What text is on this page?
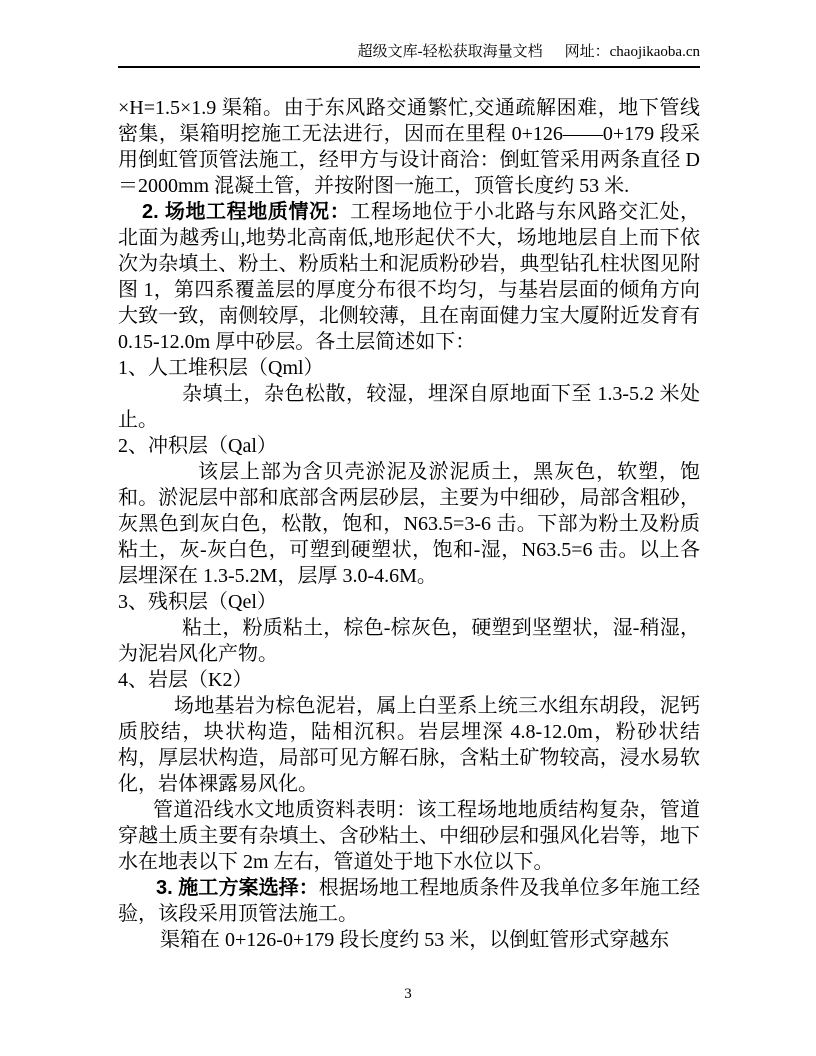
超级文库-轻松获取海量文档 网址：chaojikaoba.cn

×H=1.5×1.9 渠箱。由于东风路交通繁忙,交通疏解困难，地下管线密集，渠箱明挖施工无法进行，因而在里程 0+126——0+179 段采用倒虹管顶管法施工，经甲方与设计商洽：倒虹管采用两条直径 D＝2000mm 混凝土管，并按附图一施工，顶管长度约 53 米.

2. 场地工程地质情况：工程场地位于小北路与东风路交汇处，北面为越秀山,地势北高南低,地形起伏不大，场地地层自上而下依次为杂填土、粉土、粉质粘土和泥质粉砂岩，典型钻孔柱状图见附图 1，第四系覆盖层的厚度分布很不均匀，与基岩层面的倾角方向大致一致，南侧较厚，北侧较薄，且在南面健力宝大厦附近发育有 0.15-12.0m 厚中砂层。各土层简述如下：

1、人工堆积层（Qml）

杂填土，杂色松散，较湿，埋深自原地面下至 1.3-5.2 米处止。

2、冲积层（Qal）

该层上部为含贝壳淤泥及淤泥质土，黑灰色，软塑，饱和。淤泥层中部和底部含两层砂层，主要为中细砂，局部含粗砂，灰黑色到灰白色，松散，饱和，N63.5=3-6 击。下部为粉土及粉质粘土，灰-灰白色，可塑到硬塑状，饱和-湿，N63.5=6 击。以上各层埋深在 1.3-5.2M，层厚 3.0-4.6M。

3、残积层（Qel）

粘土，粉质粘土，棕色-棕灰色，硬塑到坚塑状，湿-稍湿，为泥岩风化产物。

4、岩层（K2）

场地基岩为棕色泥岩，属上白垩系上统三水组东胡段，泥钙质胶结，块状构造，陆相沉积。岩层埋深 4.8-12.0m，粉砂状结构，厚层状构造，局部可见方解石脉，含粘土矿物较高，浸水易软化，岩体裸露易风化。

管道沿线水文地质资料表明：该工程场地地质结构复杂，管道穿越土质主要有杂填土、含砂粘土、中细砂层和强风化岩等，地下水在地表以下 2m 左右，管道处于地下水位以下。

3. 施工方案选择：根据场地工程地质条件及我单位多年施工经验，该段采用顶管法施工。

渠箱在 0+126-0+179 段长度约 53 米，以倒虹管形式穿越东

3
